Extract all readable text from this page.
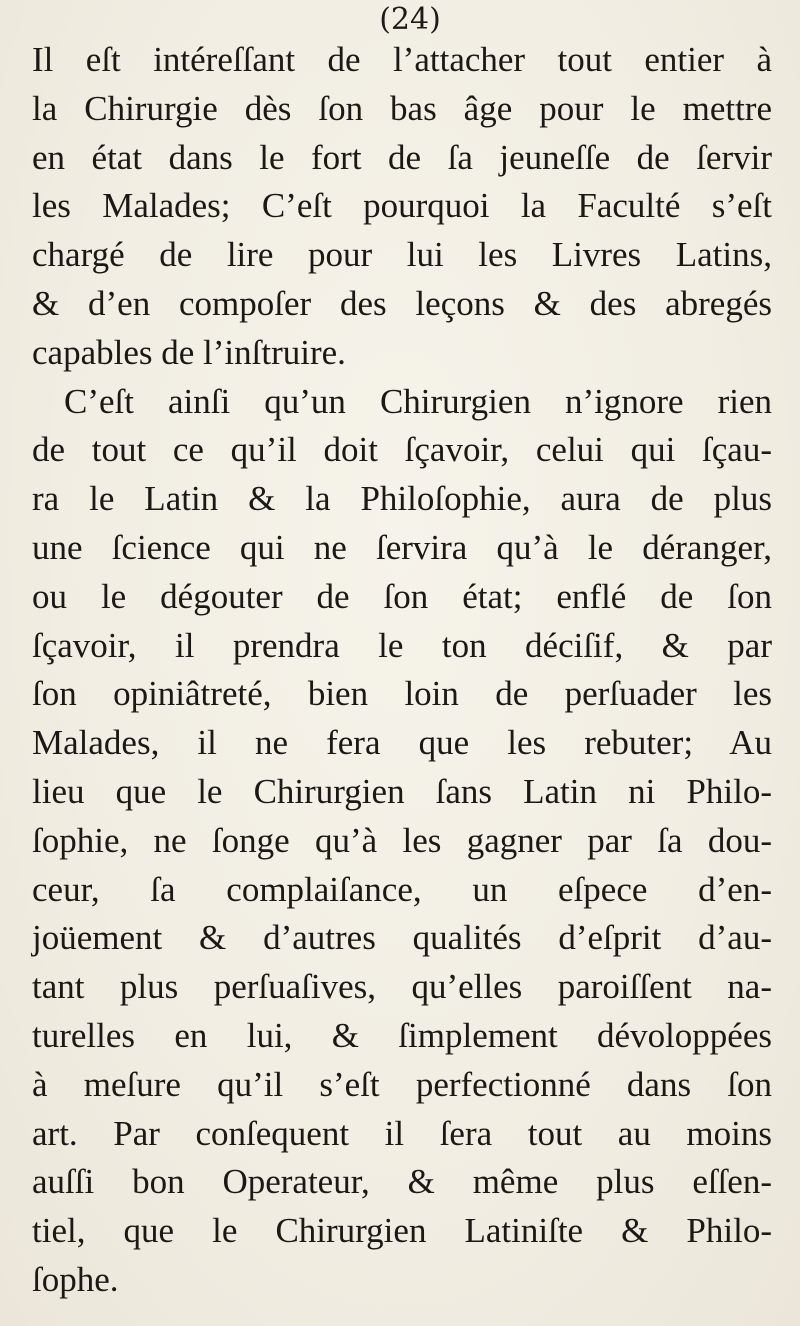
(24)

Il eſt intéreſſant de l’attacher tout entier à
la Chirurgie dès ſon bas âge pour le mettre
en état dans le fort de ſa jeuneſſe de ſervir
les Malades; C’eſt pourquoi la Faculté s’eſt
chargé de lire pour lui les Livres Latins,
& d’en compoſer des leçons & des abregés
capables de l’inſtruire.
C’eſt ainſi qu’un Chirurgien n’ignore rien
de tout ce qu’il doit ſçavoir, celui qui ſçau-
ra le Latin & la Philoſophie, aura de plus
une ſcience qui ne ſervira qu’à le déranger,
ou le dégouter de ſon état; enflé de ſon
ſçavoir, il prendra le ton déciſif, & par
ſon opiniâtreté, bien loin de perſuader les
Malades, il ne fera que les rebuter; Au
lieu que le Chirurgien ſans Latin ni Philo-
ſophie, ne ſonge qu’à les gagner par ſa dou-
ceur, ſa complaiſance, un eſpece d’en-
joüement & d’autres qualités d’eſprit d’au-
tant plus perſuaſives, qu’elles paroiſſent na-
turelles en lui, & ſimplement dévoloppées
à meſure qu’il s’eſt perfectionné dans ſon
art. Par conſequent il ſera tout au moins
auſſi bon Operateur, & même plus eſſen-
tiel, que le Chirurgien Latiniſte & Philo-
ſophe.
